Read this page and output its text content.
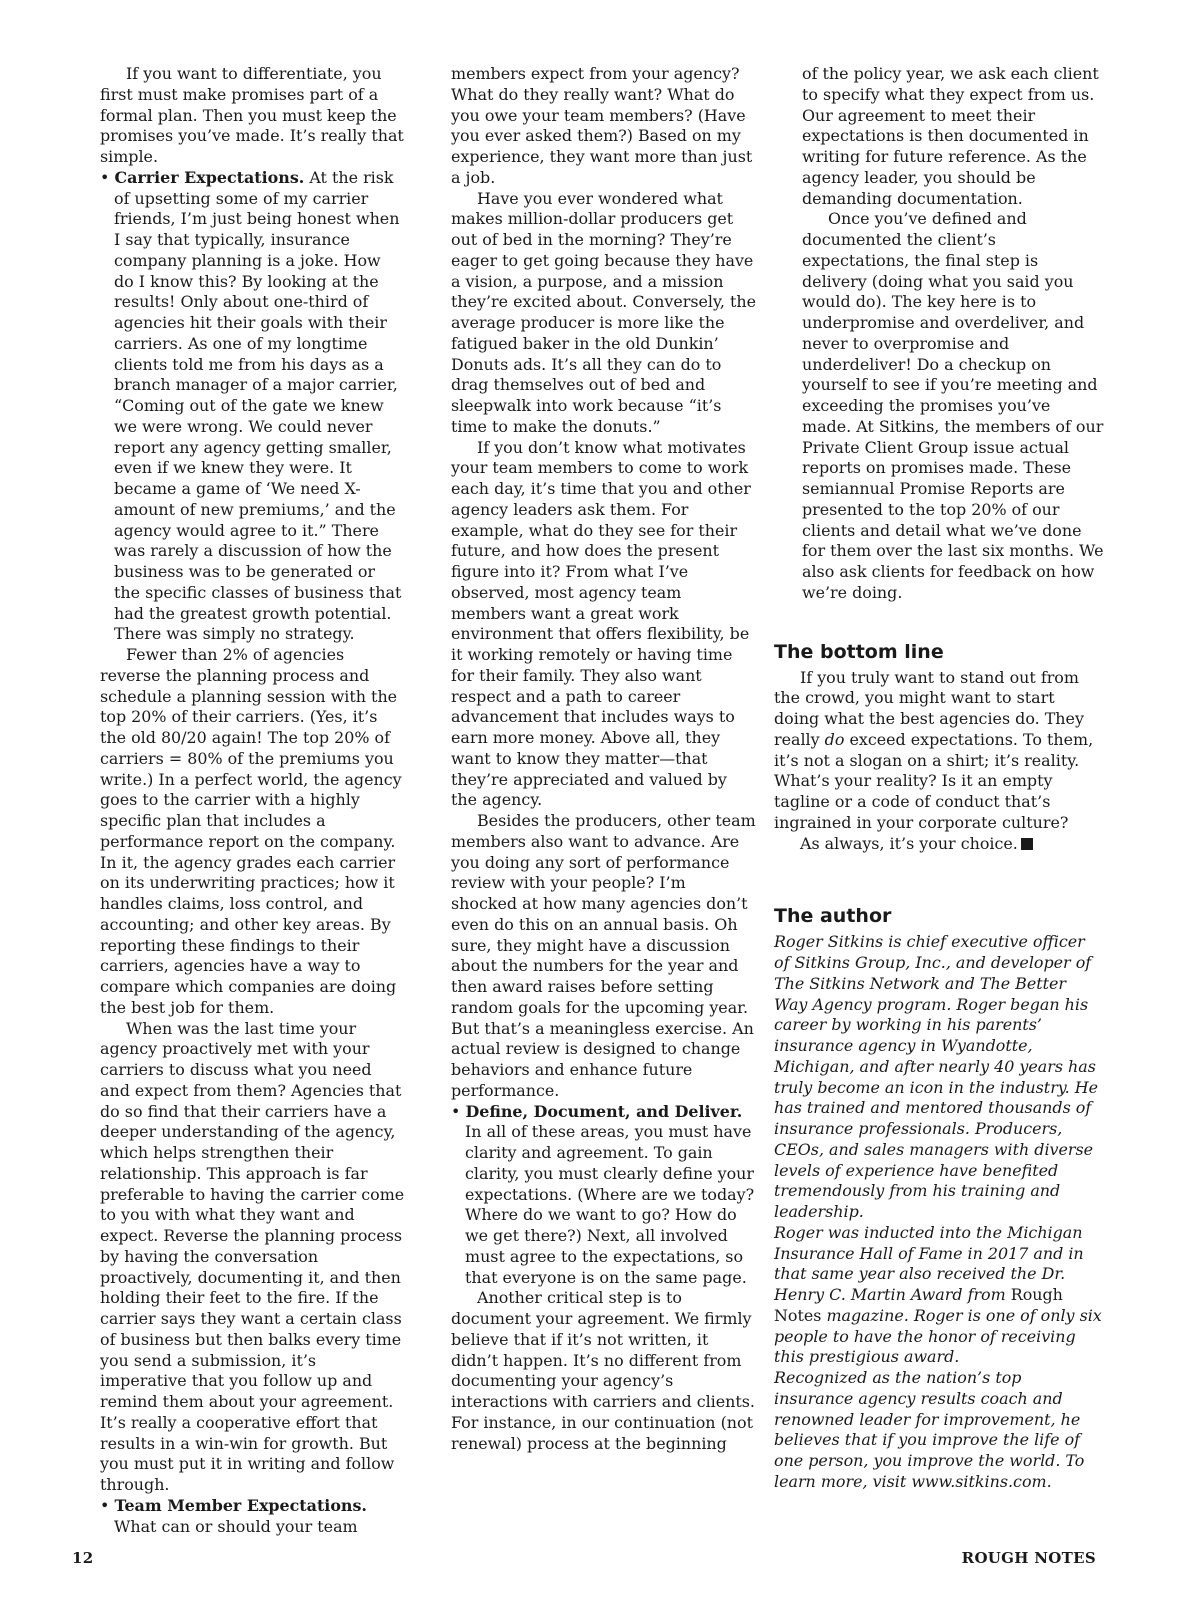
If you want to differentiate, you first must make promises part of a formal plan. Then you must keep the promises you’ve made. It’s really that simple.

• Carrier Expectations. At the risk of upsetting some of my carrier friends, I’m just being honest when I say that typically, insurance company planning is a joke. How do I know this? By looking at the results! Only about one-third of agencies hit their goals with their carriers. As one of my longtime clients told me from his days as a branch manager of a major carrier, “Coming out of the gate we knew we were wrong. We could never report any agency getting smaller, even if we knew they were. It became a game of ‘We need X-amount of new premiums,’ and the agency would agree to it.” There was rarely a discussion of how the business was to be generated or the specific classes of business that had the greatest growth potential. There was simply no strategy.

Fewer than 2% of agencies reverse the planning process and schedule a planning session with the top 20% of their carriers. (Yes, it’s the old 80/20 again! The top 20% of carriers = 80% of the premiums you write.) In a perfect world, the agency goes to the carrier with a highly specific plan that includes a performance report on the company. In it, the agency grades each carrier on its underwriting practices; how it handles claims, loss control, and accounting; and other key areas. By reporting these findings to their carriers, agencies have a way to compare which companies are doing the best job for them.

When was the last time your agency proactively met with your carriers to discuss what you need and expect from them? Agencies that do so find that their carriers have a deeper understanding of the agency, which helps strengthen their relationship. This approach is far preferable to having the carrier come to you with what they want and expect. Reverse the planning process by having the conversation proactively, documenting it, and then holding their feet to the fire. If the carrier says they want a certain class of business but then balks every time you send a submission, it’s imperative that you follow up and remind them about your agreement. It’s really a cooperative effort that results in a win-win for growth. But you must put it in writing and follow through.

• Team Member Expectations. What can or should your team

members expect from your agency? What do they really want? What do you owe your team members? (Have you ever asked them?) Based on my experience, they want more than just a job.

Have you ever wondered what makes million-dollar producers get out of bed in the morning? They’re eager to get going because they have a vision, a purpose, and a mission they’re excited about. Conversely, the average producer is more like the fatigued baker in the old Dunkin’ Donuts ads. It’s all they can do to drag themselves out of bed and sleepwalk into work because “it’s time to make the donuts.”

If you don’t know what motivates your team members to come to work each day, it’s time that you and other agency leaders ask them. For example, what do they see for their future, and how does the present figure into it? From what I’ve observed, most agency team members want a great work environment that offers flexibility, be it working remotely or having time for their family. They also want respect and a path to career advancement that includes ways to earn more money. Above all, they want to know they matter—that they’re appreciated and valued by the agency.

Besides the producers, other team members also want to advance. Are you doing any sort of performance review with your people? I’m shocked at how many agencies don’t even do this on an annual basis. Oh sure, they might have a discussion about the numbers for the year and then award raises before setting random goals for the upcoming year. But that’s a meaningless exercise. An actual review is designed to change behaviors and enhance future performance.

• Define, Document, and Deliver. In all of these areas, you must have clarity and agreement. To gain clarity, you must clearly define your expectations. (Where are we today? Where do we want to go? How do we get there?) Next, all involved must agree to the expectations, so that everyone is on the same page.

Another critical step is to document your agreement. We firmly believe that if it’s not written, it didn’t happen. It’s no different from documenting your agency’s interactions with carriers and clients. For instance, in our continuation (not renewal) process at the beginning

of the policy year, we ask each client to specify what they expect from us. Our agreement to meet their expectations is then documented in writing for future reference. As the agency leader, you should be demanding documentation.

Once you’ve defined and documented the client’s expectations, the final step is delivery (doing what you said you would do). The key here is to underpromise and overdeliver, and never to overpromise and underdeliver! Do a checkup on yourself to see if you’re meeting and exceeding the promises you’ve made. At Sitkins, the members of our Private Client Group issue actual reports on promises made. These semiannual Promise Reports are presented to the top 20% of our clients and detail what we’ve done for them over the last six months. We also ask clients for feedback on how we’re doing.

The bottom line

If you truly want to stand out from the crowd, you might want to start doing what the best agencies do. They really do exceed expectations. To them, it’s not a slogan on a shirt; it’s reality. What’s your reality? Is it an empty tagline or a code of conduct that’s ingrained in your corporate culture?

As always, it’s your choice.

The author

Roger Sitkins is chief executive officer of Sitkins Group, Inc., and developer of The Sitkins Network and The Better Way Agency program. Roger began his career by working in his parents’ insurance agency in Wyandotte, Michigan, and after nearly 40 years has truly become an icon in the industry. He has trained and mentored thousands of insurance professionals. Producers, CEOs, and sales managers with diverse levels of experience have benefited tremendously from his training and leadership.

Roger was inducted into the Michigan Insurance Hall of Fame in 2017 and in that same year also received the Dr. Henry C. Martin Award from Rough Notes magazine. Roger is one of only six people to have the honor of receiving this prestigious award.

Recognized as the nation’s top insurance agency results coach and renowned leader for improvement, he believes that if you improve the life of one person, you improve the world. To learn more, visit www.sitkins.com.

12	ROUGH NOTES
